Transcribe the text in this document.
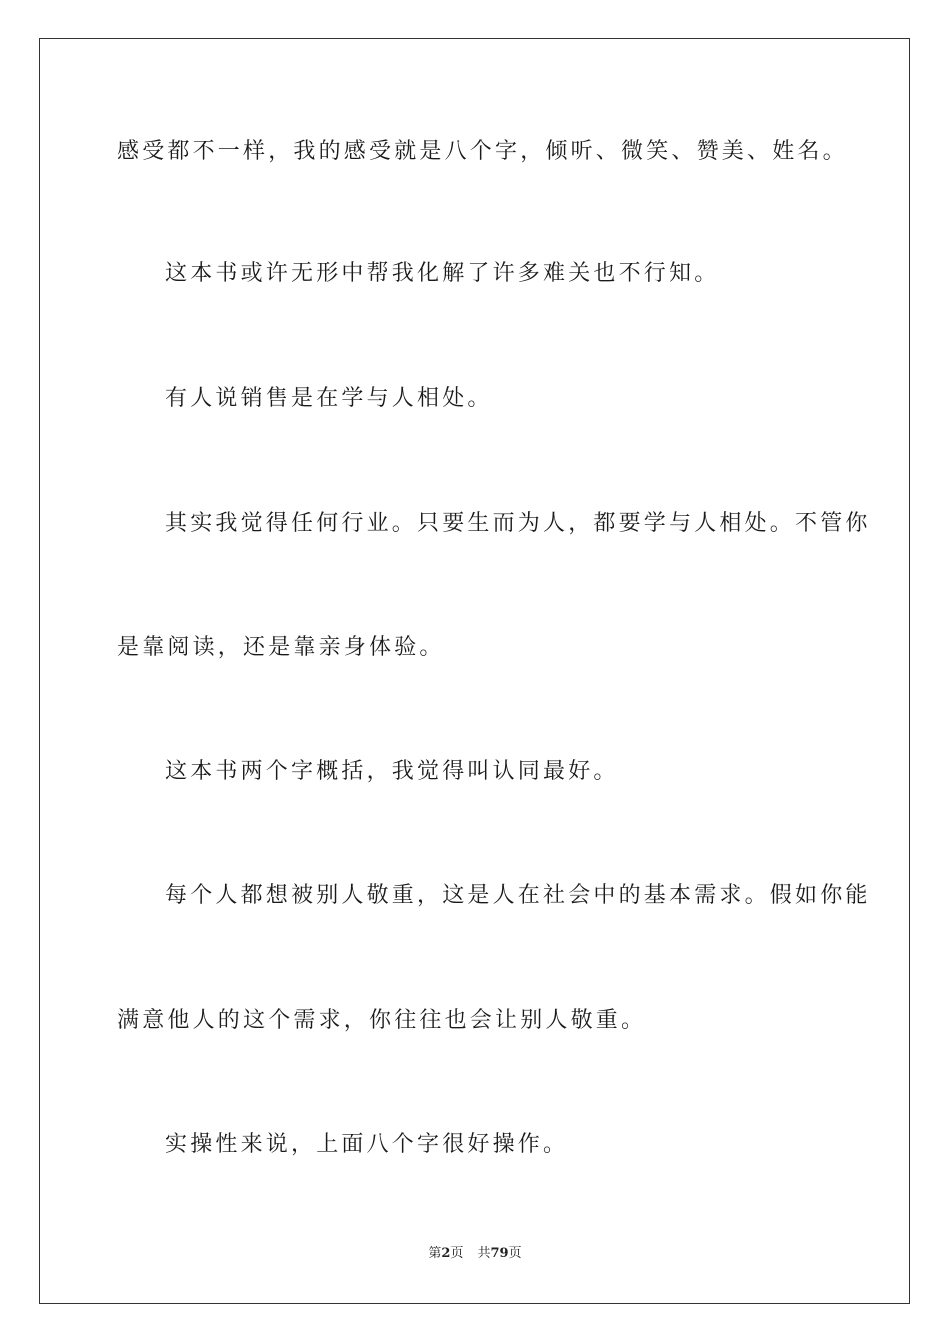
感受都不一样，我的感受就是八个字，倾听、微笑、赞美、姓名。
这本书或许无形中帮我化解了许多难关也不行知。
有人说销售是在学与人相处。
其实我觉得任何行业。只要生而为人，都要学与人相处。不管你
是靠阅读，还是靠亲身体验。
这本书两个字概括，我觉得叫认同最好。
每个人都想被别人敬重，这是人在社会中的基本需求。假如你能
满意他人的这个需求，你往往也会让别人敬重。
实操性来说，上面八个字很好操作。
第2页 共79页
